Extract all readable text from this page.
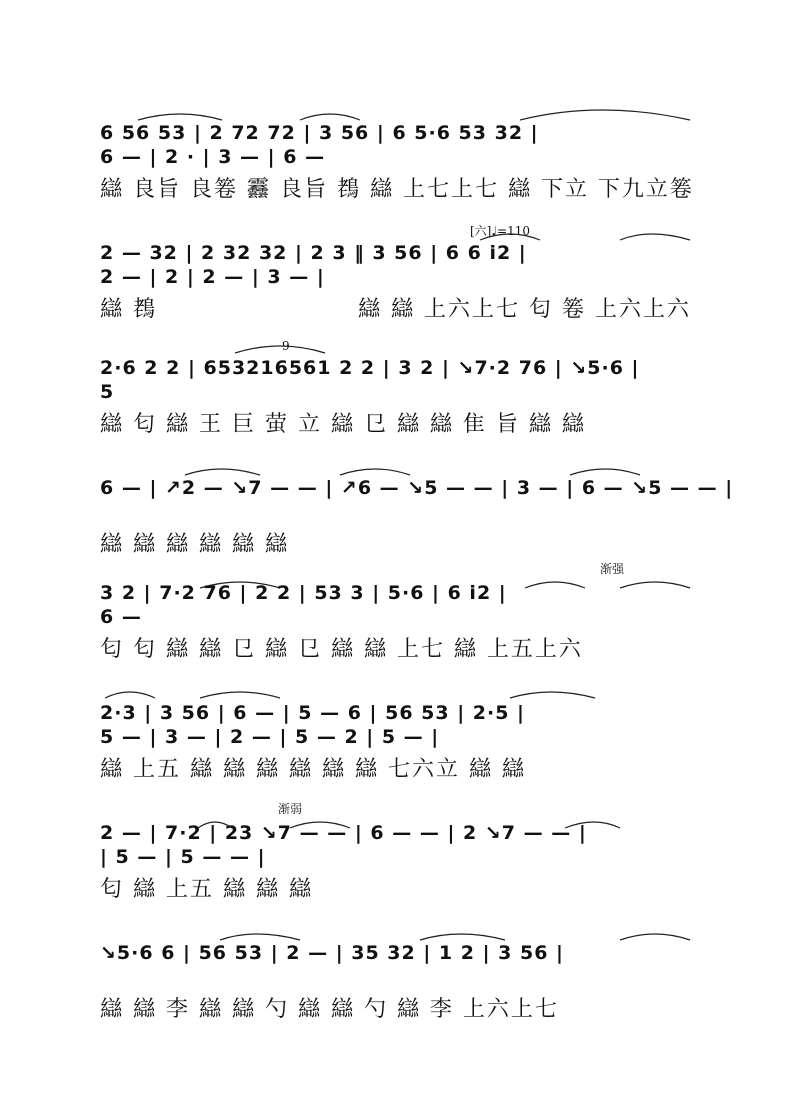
6 56 53 | 2 72 72 | 3 56 | 6 5·6 53 32 |
6 — | 2 · | 3 — | 6 —
䜌 良旨 良箞 䨺 良旨 䳓 䜌 上七上七 䜌 下立 下九立箞
[六]♩=110
2 — 32 | 2 32 32 | 2 3 ‖ 3 56 | 6 6 i2 |
2 — | 2 | 2 — | 3 — |
䜌 䳓 　　　　　　　　䜌 䜌 上六上七 匂 箞 上六上六
9
2·6 2 2 | 653216561 2 2 | 3 2 | ↘7·2 76 | ↘5·6 |
5
䜌 匂 䜌 王 巨 萤 立 䜌 㔾 䜌 䜌 隹 旨 䜌 䜌
6 — | ↗2 — ↘7 — — | ↗6 — ↘5 — — | 3 — | 6 — ↘5 — — |
䜌 䜌 䜌 䜌 䜌 䜌
渐强
3 2 | 7·2 76 | 2 2 | 53 3 | 5·6 | 6 i2 |
6 —
匂 匂 䜌 䜌 㔾 䜌 㔾 䜌 䜌 上七 䜌 上五上六
2·3 | 3 56 | 6 — | 5 — 6 | 56 53 | 2·5 |
5 — | 3 — | 2 — | 5 — 2 | 5 — |
䜌 上五 䜌 䜌 䜌 䜌 䜌 䜌 七六立 䜌 䜌
渐弱
2 — | 7·2 | 23 ↘7 — — | 6 — — | 2 ↘7 — — |
| 5 — | 5 — — |
匂 䜌 上五 䜌 䜌 䜌
↘5·6 6 | 56 53 | 2 — | 35 32 | 1 2 | 3 56 |
䜌 䜌 李 䜌 䜌 勺 䜌 䜌 勺 䜌 李 上六上七
